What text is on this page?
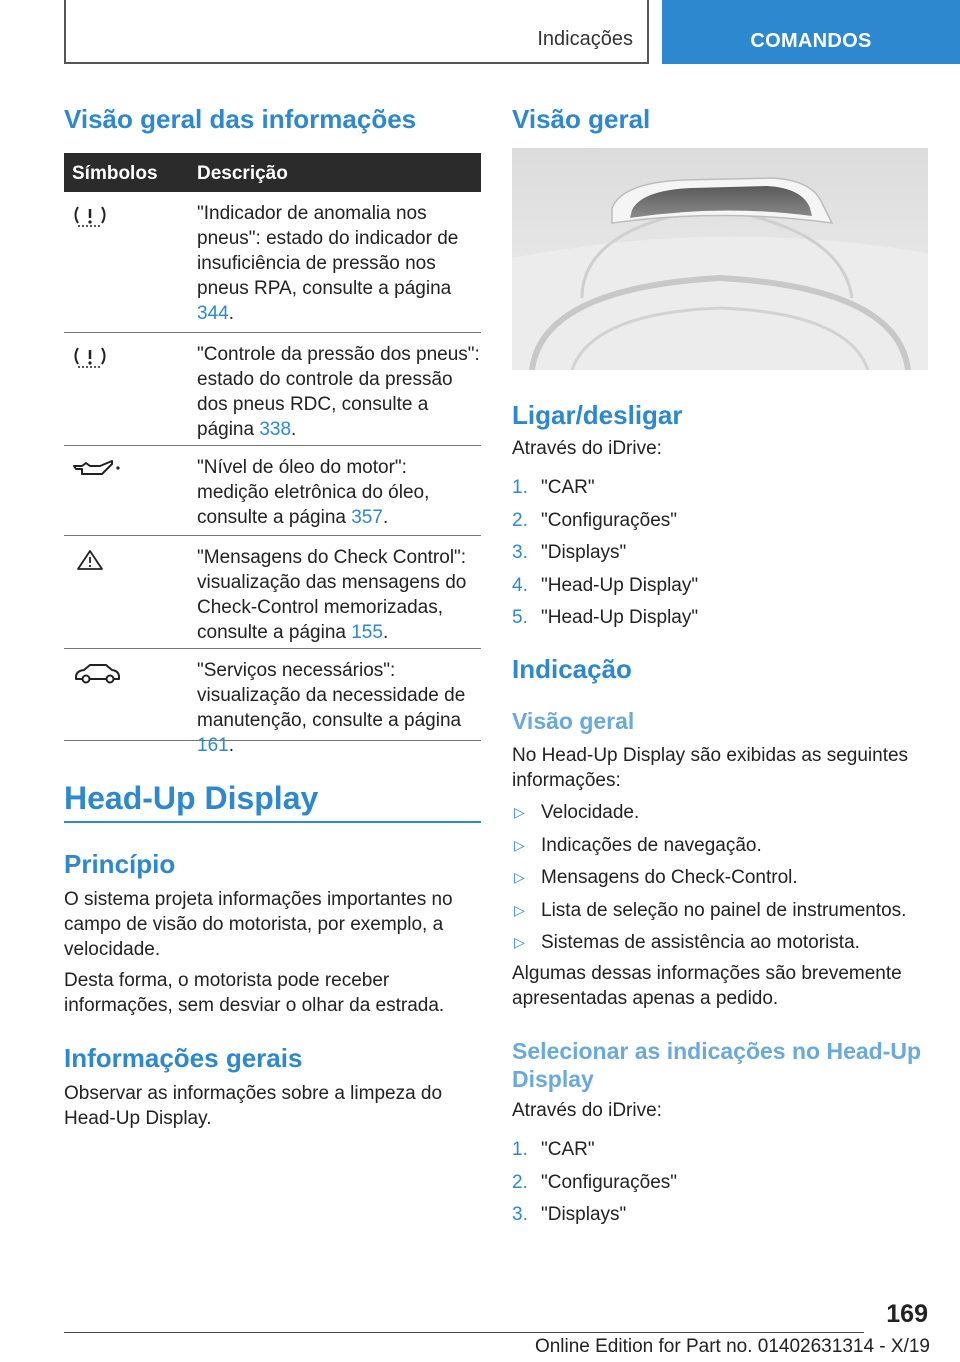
Indicações	COMANDOS
Visão geral das informações
Símbolos Descrição
"Indicador de anomalia nos pneus": estado do indicador de insuficiência de pressão nos pneus RPA, consulte a página 344.
"Controle da pressão dos pneus": estado do controle da pressão dos pneus RDC, consulte a página 338.
"Nível de óleo do motor": medição eletrônica do óleo, consulte a página 357.
"Mensagens do Check Control": visualização das mensagens do Check-Control memorizadas, consulte a página 155.
"Serviços necessários": visualização da necessidade de manutenção, consulte a página 161.
Head-Up Display
Princípio
O sistema projeta informações importantes no campo de visão do motorista, por exemplo, a velocidade.
Desta forma, o motorista pode receber informações, sem desviar o olhar da estrada.
Informações gerais
Observar as informações sobre a limpeza do Head-Up Display.
Visão geral
Ligar/desligar
Através do iDrive:
1. "CAR"
2. "Configurações"
3. "Displays"
4. "Head-Up Display"
5. "Head-Up Display"
Indicação
Visão geral
No Head-Up Display são exibidas as seguintes informações:
▷ Velocidade.
▷ Indicações de navegação.
▷ Mensagens do Check-Control.
▷ Lista de seleção no painel de instrumentos.
▷ Sistemas de assistência ao motorista.
Algumas dessas informações são brevemente apresentadas apenas a pedido.
Selecionar as indicações no Head-Up Display
Através do iDrive:
1. "CAR"
2. "Configurações"
3. "Displays"
169
Online Edition for Part no. 01402631314 - X/19
